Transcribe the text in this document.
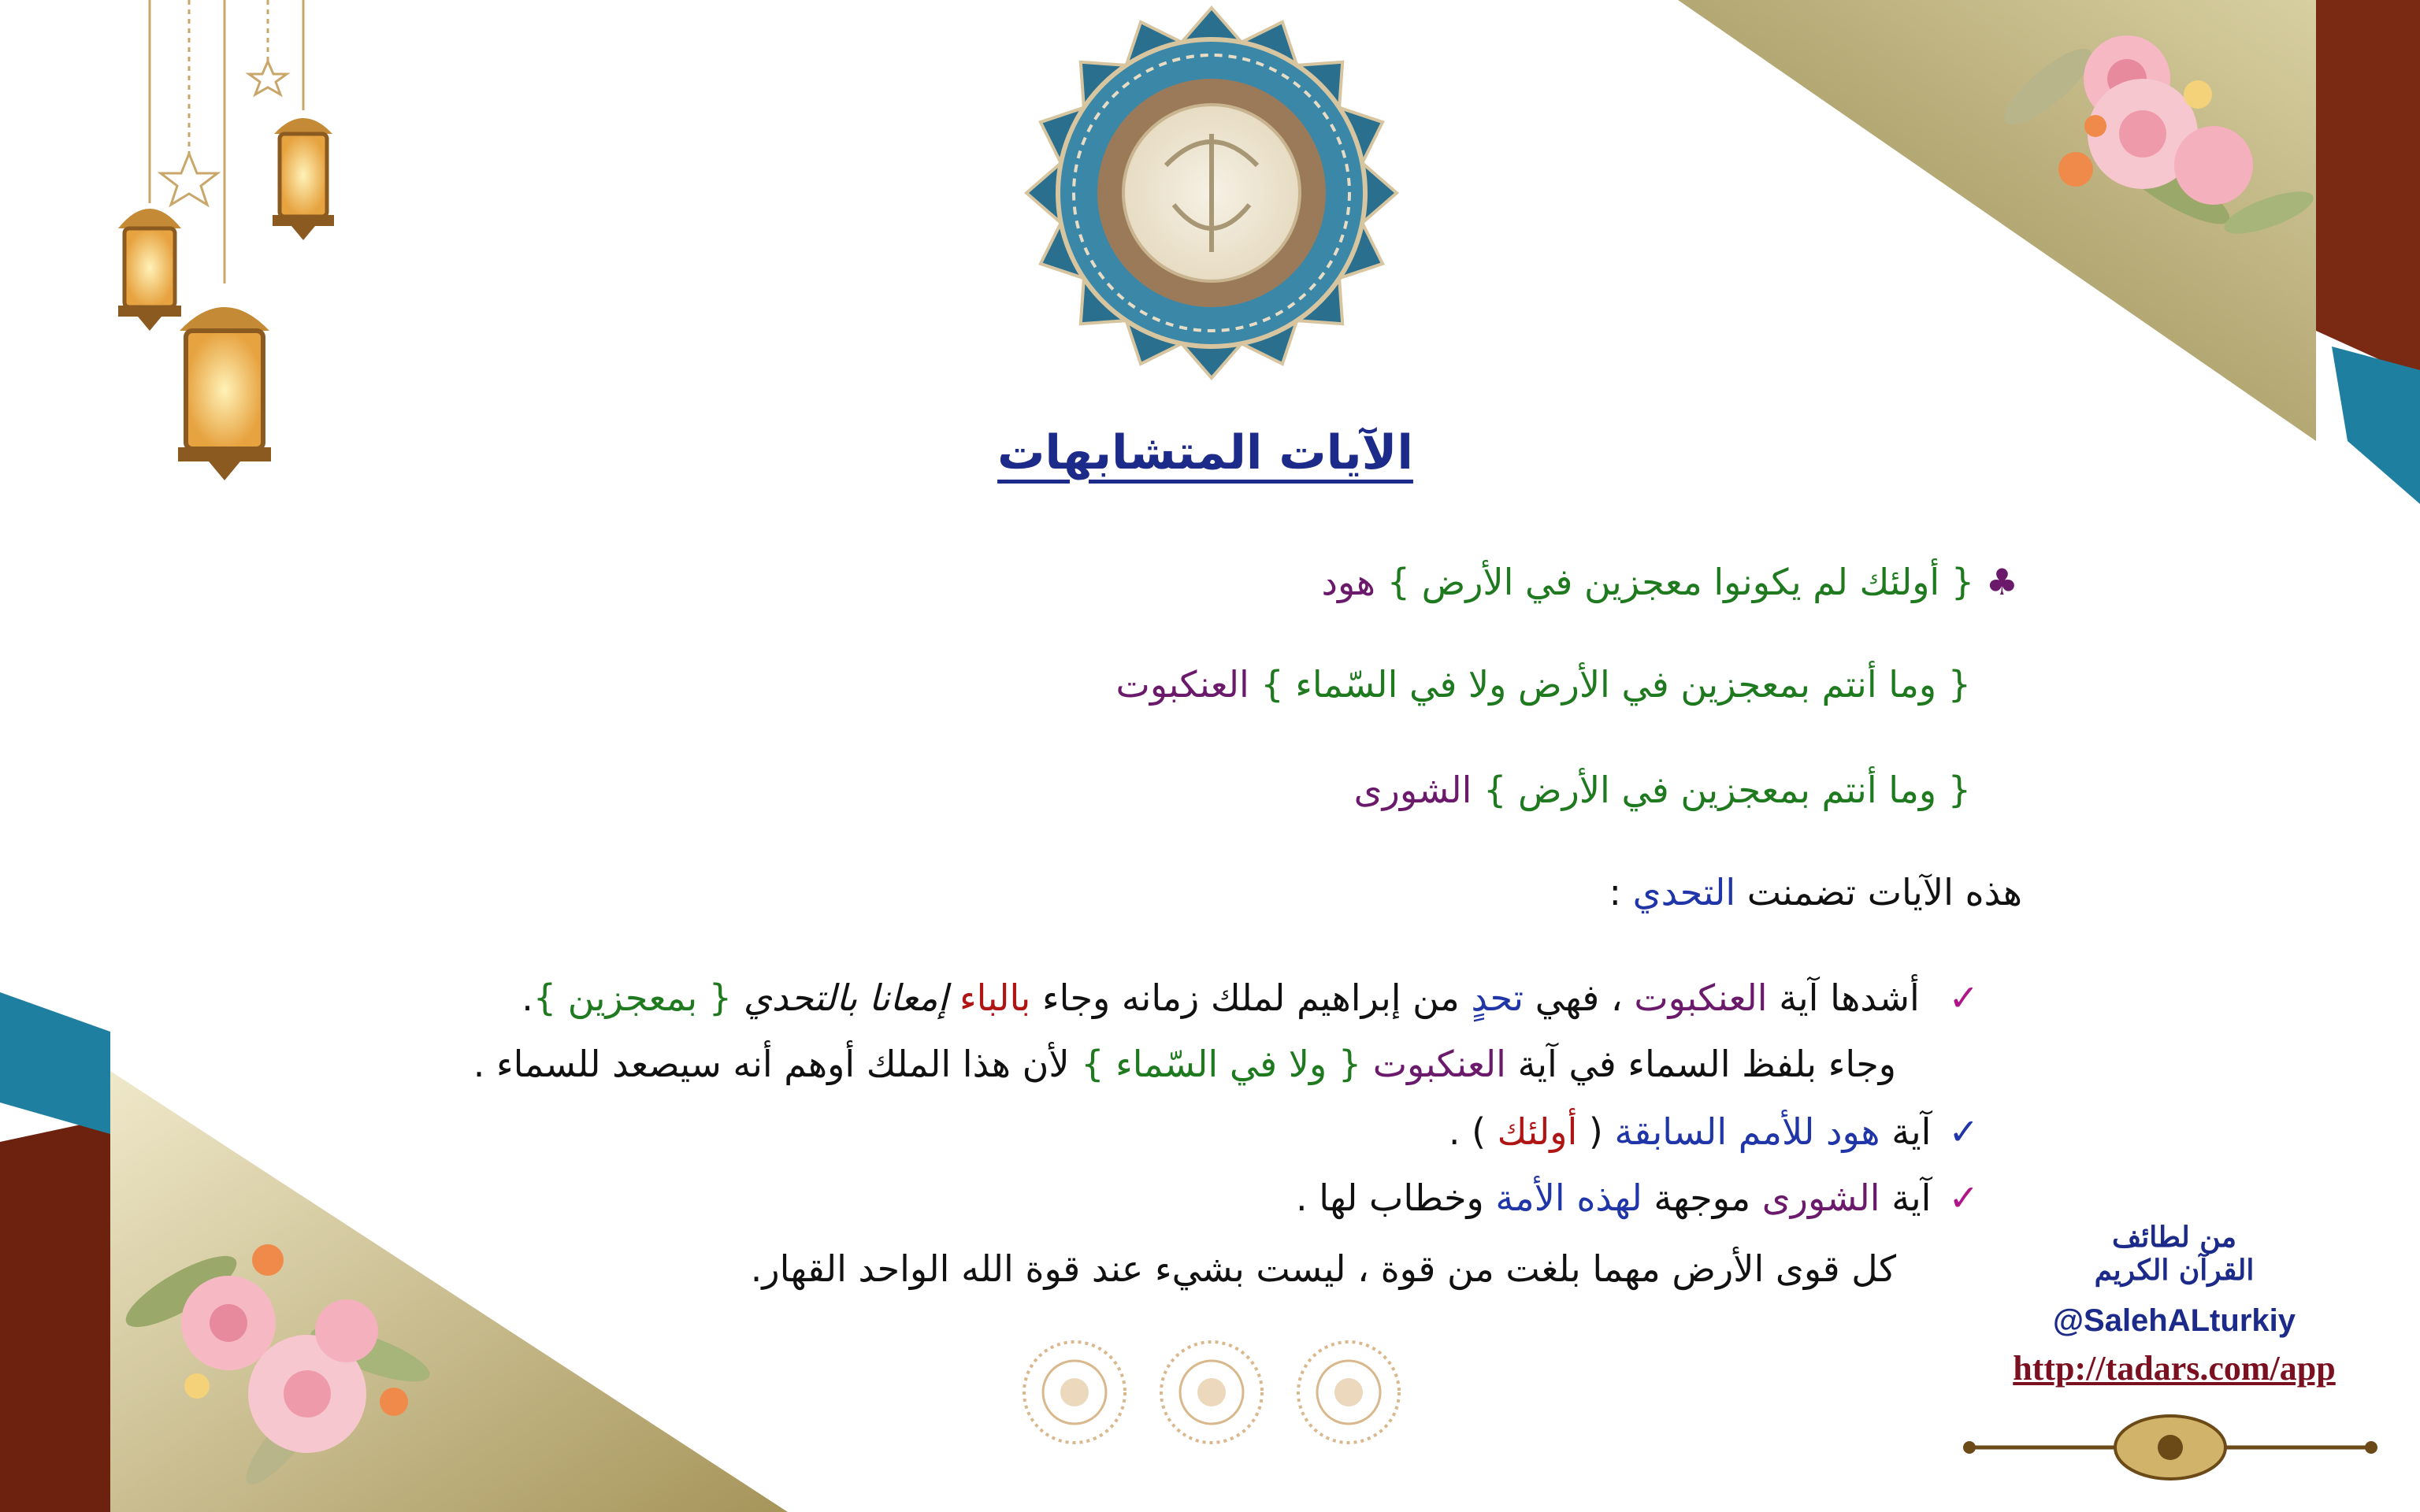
الآيات المتشابهات
♣ { أولئك لم يكونوا معجزين في الأرض } هود
{ وما أنتم بمعجزين في الأرض ولا في السّماء } العنكبوت
{ وما أنتم بمعجزين في الأرض } الشورى
هذه الآيات تضمنت التحدي :
✓ أشدها آية العنكبوت ، فهي تحدٍ من إبراهيم لملك زمانه وجاء بالباء إمعانا بالتحدي { بمعجزين }.
وجاء بلفظ السماء في آية العنكبوت { ولا في السّماء } لأن هذا الملك أوهم أنه سيصعد للسماء .
✓آية هود للأمم السابقة ( أولئك ) .
✓آية الشورى موجهة لهذه الأمة وخطاب لها .
كل قوى الأرض مهما بلغت من قوة ، ليست بشيء عند قوة الله الواحد القهار.
من لطائف
القرآن الكريم
@SalehALturkiy
http://tadars.com/app
